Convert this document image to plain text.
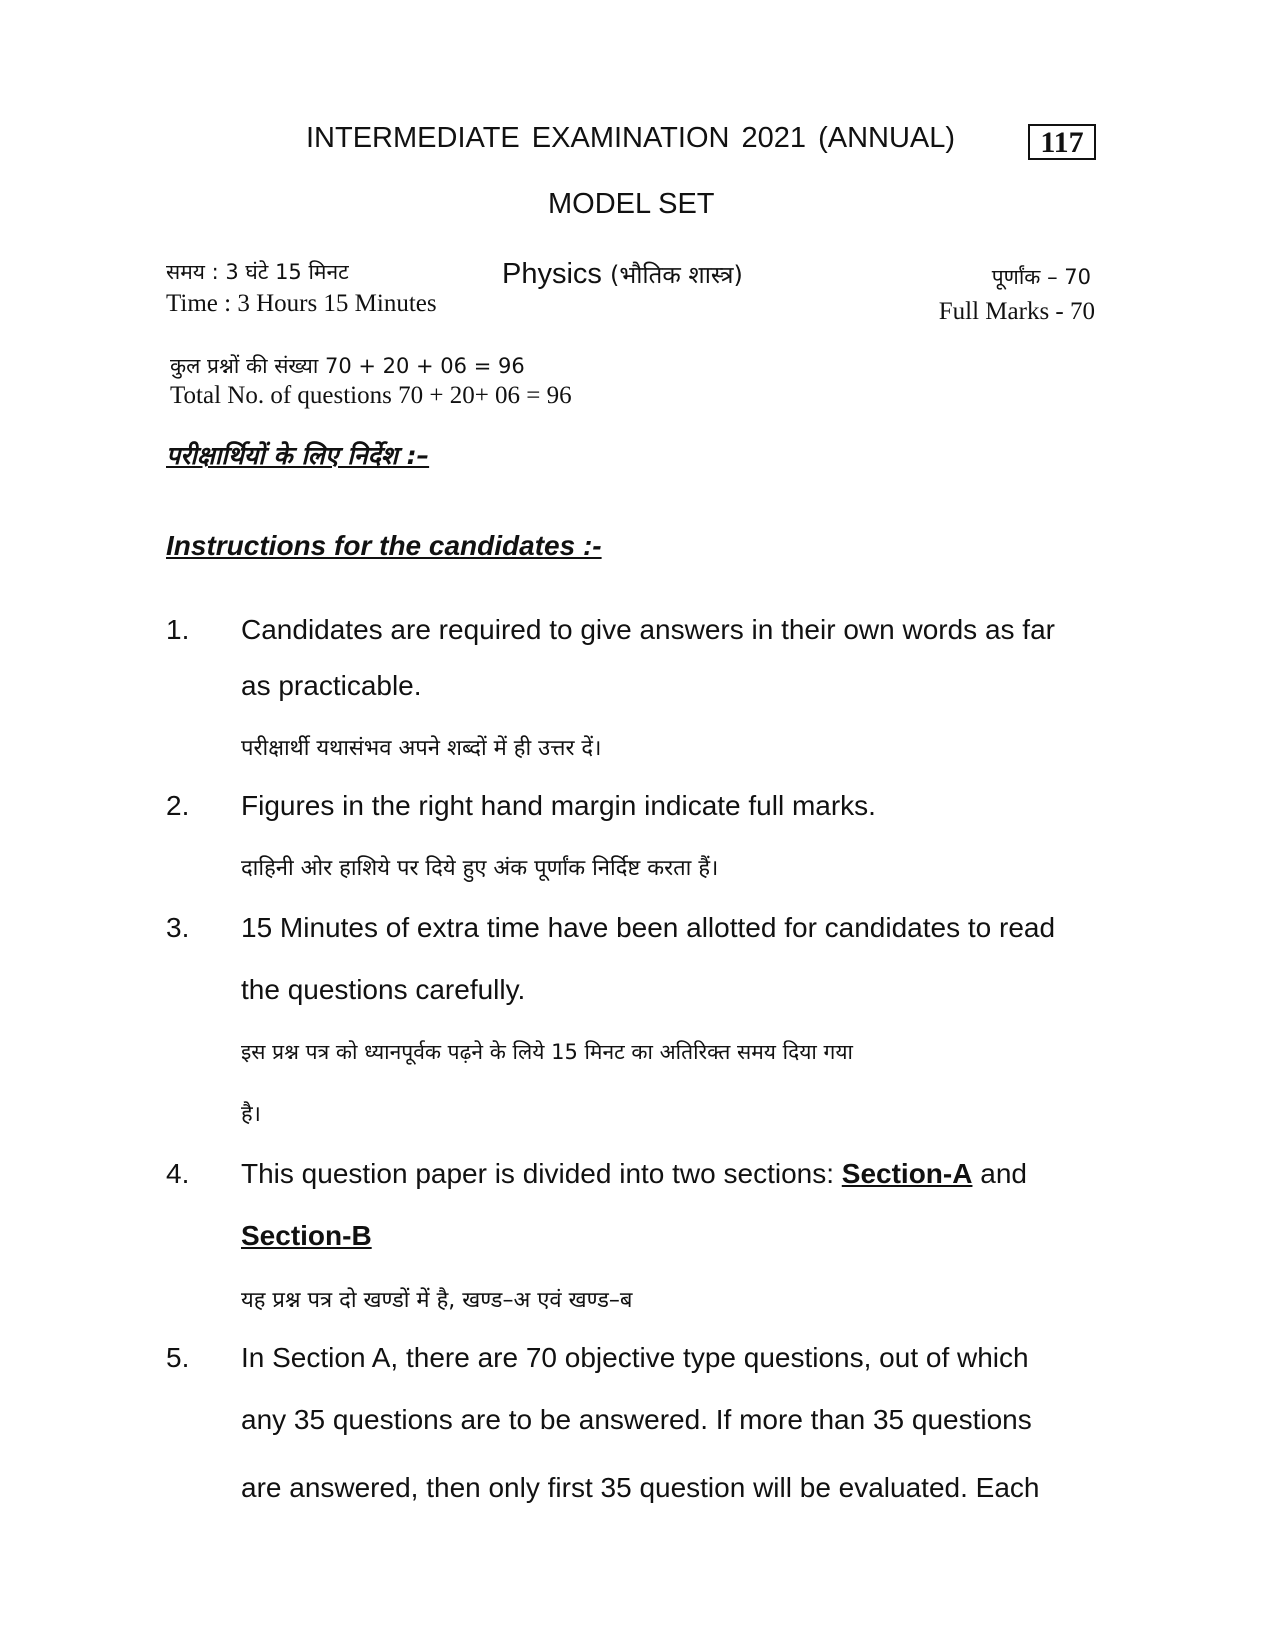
INTERMEDIATE EXAMINATION 2021 (ANNUAL)	117
MODEL SET
समय : 3 घंटे 15 मिनट
Time : 3 Hours 15 Minutes
Physics (भौतिक शास्त्र)	पूर्णांक – 70
Full Marks - 70
कुल प्रश्नों की संख्या 70 + 20 + 06 = 96
Total No. of questions 70 + 20+ 06 = 96
परीक्षार्थियों के लिए निर्देश :–
Instructions for the candidates :-
1. Candidates are required to give answers in their own words as far
as practicable.
परीक्षार्थी यथासंभव अपने शब्दों में ही उत्तर दें।
2. Figures in the right hand margin indicate full marks.
दाहिनी ओर हाशिये पर दिये हुए अंक पूर्णांक निर्दिष्ट करता हैं।
3. 15 Minutes of extra time have been allotted for candidates to read
the questions carefully.
इस प्रश्न पत्र को ध्यानपूर्वक पढ़ने के लिये 15 मिनट का अतिरिक्त समय दिया गया
है।
4. This question paper is divided into two sections: Section-A and
Section-B
यह प्रश्न पत्र दो खण्डों में है, खण्ड–अ एवं खण्ड–ब
5. In Section A, there are 70 objective type questions, out of which
any 35 questions are to be answered. If more than 35 questions
are answered, then only first 35 question will be evaluated. Each
